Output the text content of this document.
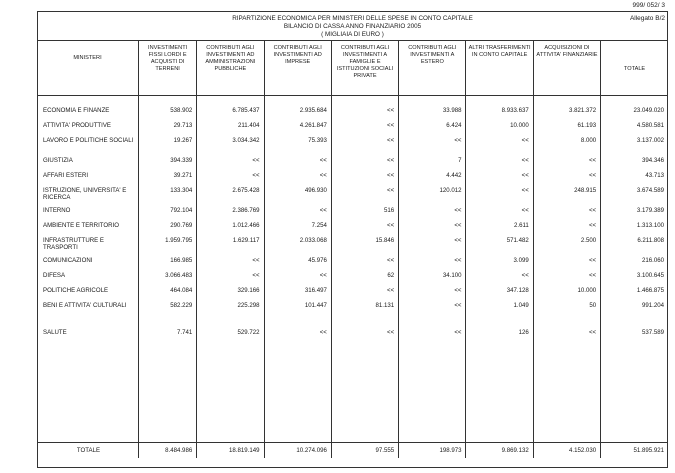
999/ 052/ 3
Allegato B/2
RIPARTIZIONE ECONOMICA PER MINISTERI DELLE SPESE IN CONTO CAPITALE
BILANCIO DI CASSA ANNO FINANZIARIO 2005
( MIGLIAIA DI EURO )
MINISTERI	INVESTIMENTI FISSI LORDI E ACQUISTI DI TERRENI	CONTRIBUTI AGLI INVESTIMENTI AD AMMINISTRAZIONI PUBBLICHE	CONTRIBUTI AGLI INVESTIMENTI AD IMPRESE	CONTRIBUTI AGLI INVESTIMENTI A FAMIGLIE E ISTITUZIONI SOCIALI PRIVATE	CONTRIBUTI AGLI INVESTIMENTI A ESTERO	ALTRI TRASFERIMENTI IN CONTO CAPITALE	ACQUISIZIONI DI ATTIVITA' FINANZIARIE	TOTALE

ECONOMIA E FINANZE	538.902	6.785.437	2.935.684	<<	33.988	8.933.637	3.821.372	23.049.020
ATTIVITA' PRODUTTIVE	29.713	211.404	4.261.847	<<	6.424	10.000	61.193	4.580.581
LAVORO E POLITICHE SOCIALI	19.267	3.034.342	75.393	<<	<<	<<	8.000	3.137.002
GIUSTIZIA	394.339	<<	<<	<<	7	<<	<<	394.346
AFFARI ESTERI	39.271	<<	<<	<<	4.442	<<	<<	43.713
ISTRUZIONE, UNIVERSITA' E RICERCA	133.304	2.675.428	496.930	<<	120.012	<<	248.915	3.674.589
INTERNO	792.104	2.386.769	<<	516	<<	<<	<<	3.179.389
AMBIENTE E TERRITORIO	290.769	1.012.466	7.254	<<	<<	2.611	<<	1.313.100
INFRASTRUTTURE E TRASPORTI	1.959.795	1.629.117	2.033.068	15.846	<<	571.482	2.500	6.211.808
COMUNICAZIONI	166.985	<<	45.976	<<	<<	3.099	<<	216.060
DIFESA	3.066.483	<<	<<	62	34.100	<<	<<	3.100.645
POLITICHE AGRICOLE	464.084	329.166	316.497	<<	<<	347.128	10.000	1.466.875
BENI E ATTIVITA' CULTURALI	582.229	225.298	101.447	81.131	<<	1.049	50	991.204

SALUTE	7.741	529.722	<<	<<	<<	126	<<	537.589

TOTALE	8.484.986	18.819.149	10.274.096	97.555	198.973	9.869.132	4.152.030	51.895.921
